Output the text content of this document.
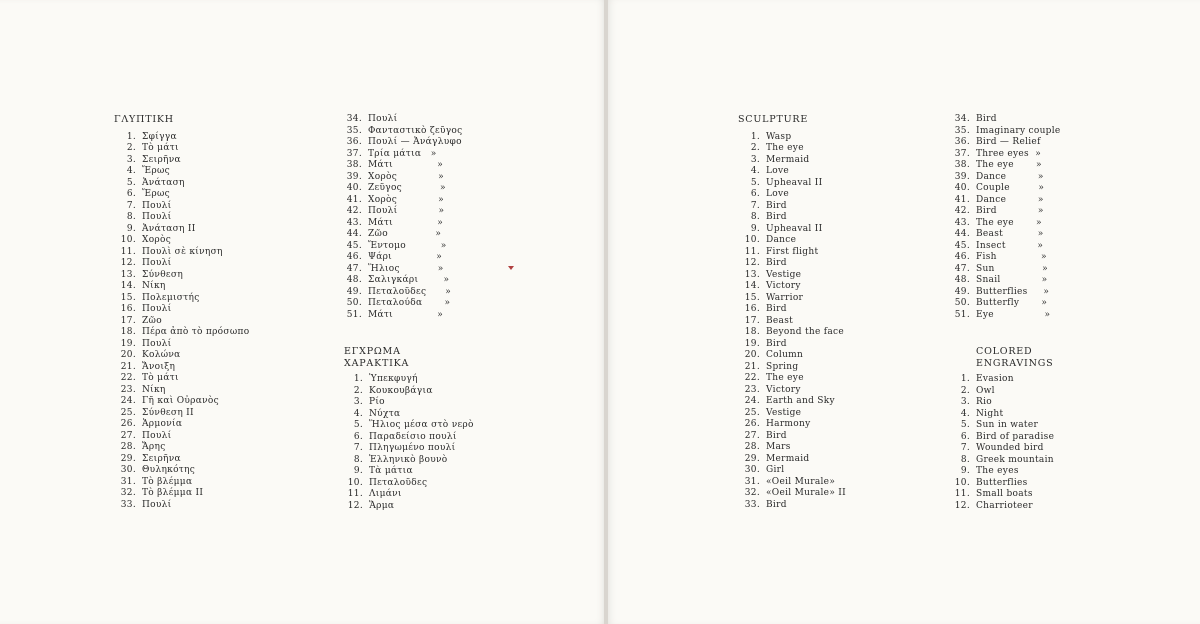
ΓΛΥΠΤΙΚΗ
1. Σφίγγα
2. Τὸ μάτι
3. Σειρῆνα
4. Ἔρως
5. Ἀνάταση
6. Ἔρως
7. Πουλί
8. Πουλί
9. Ἀνάταση ΙΙ
10. Χορὸς
11. Πουλὶ σὲ κίνηση
12. Πουλί
13. Σύνθεση
14. Νίκη
15. Πολεμιστής
16. Πουλί
17. Ζῶο
18. Πέρα ἀπὸ τὸ πρόσωπο
19. Πουλί
20. Κολώνα
21. Ἄνοιξη
22. Τὸ μάτι
23. Νίκη
24. Γῆ καὶ Οὐρανὸς
25. Σύνθεση ΙΙ
26. Ἁρμονία
27. Πουλί
28. Ἄρης
29. Σειρῆνα
30. Θυληκότης
31. Τὸ βλέμμα
32. Τὸ βλέμμα ΙΙ
33. Πουλί
34. Πουλί
35. Φανταστικὸ ζεῦγος
36. Πουλί — Ἀνάγλυφο
37. Τρία μάτια   »
38. Μάτι              »
39. Χορὸς             »
40. Ζεῦγος            »
41. Χορὸς             »
42. Πουλί             »
43. Μάτι              »
44. Ζῶο               »
45. Ἔντομο           »
46. Ψάρι              »
47. Ἥλιος            »
48. Σαλιγκάρι        »
49. Πεταλοῦδες      »
50. Πεταλούδα       »
51. Μάτι              »
ΕΓΧΡΩΜΑ
ΧΑΡΑΚΤΙΚΑ
1. Ὑπεκφυγή
2. Κουκουβάγια
3. Ρίο
4. Νύχτα
5. Ἥλιος μέσα στὸ νερὸ
6. Παραδείσιο πουλί
7. Πληγωμένο πουλί
8. Ἑλληνικὸ βουνὸ
9. Τὰ μάτια
10. Πεταλοῦδες
11. Λιμάνι
12. Ἅρμα
SCULPTURE
1. Wasp
2. The eye
3. Mermaid
4. Love
5. Upheaval II
6. Love
7. Bird
8. Bird
9. Upheaval II
10. Dance
11. First flight
12. Bird
13. Vestige
14. Victory
15. Warrior
16. Bird
17. Beast
18. Beyond the face
19. Bird
20. Column
21. Spring
22. The eye
23. Victory
24. Earth and Sky
25. Vestige
26. Harmony
27. Bird
28. Mars
29. Mermaid
30. Girl
31. «Oeil Murale»
32. «Oeil Murale» II
33. Bird
34. Bird
35. Imaginary couple
36. Bird — Relief
37. Three eyes  »
38. The eye       »
39. Dance          »
40. Couple         »
41. Dance          »
42. Bird             »
43. The eye       »
44. Beast           »
45. Insect          »
46. Fish              »
47. Sun               »
48. Snail             »
49. Butterflies     »
50. Butterfly       »
51. Eye                »
COLORED
ENGRAVINGS
1. Evasion
2. Owl
3. Rio
4. Night
5. Sun in water
6. Bird of paradise
7. Wounded bird
8. Greek mountain
9. The eyes
10. Butterflies
11. Small boats
12. Charrioteer
